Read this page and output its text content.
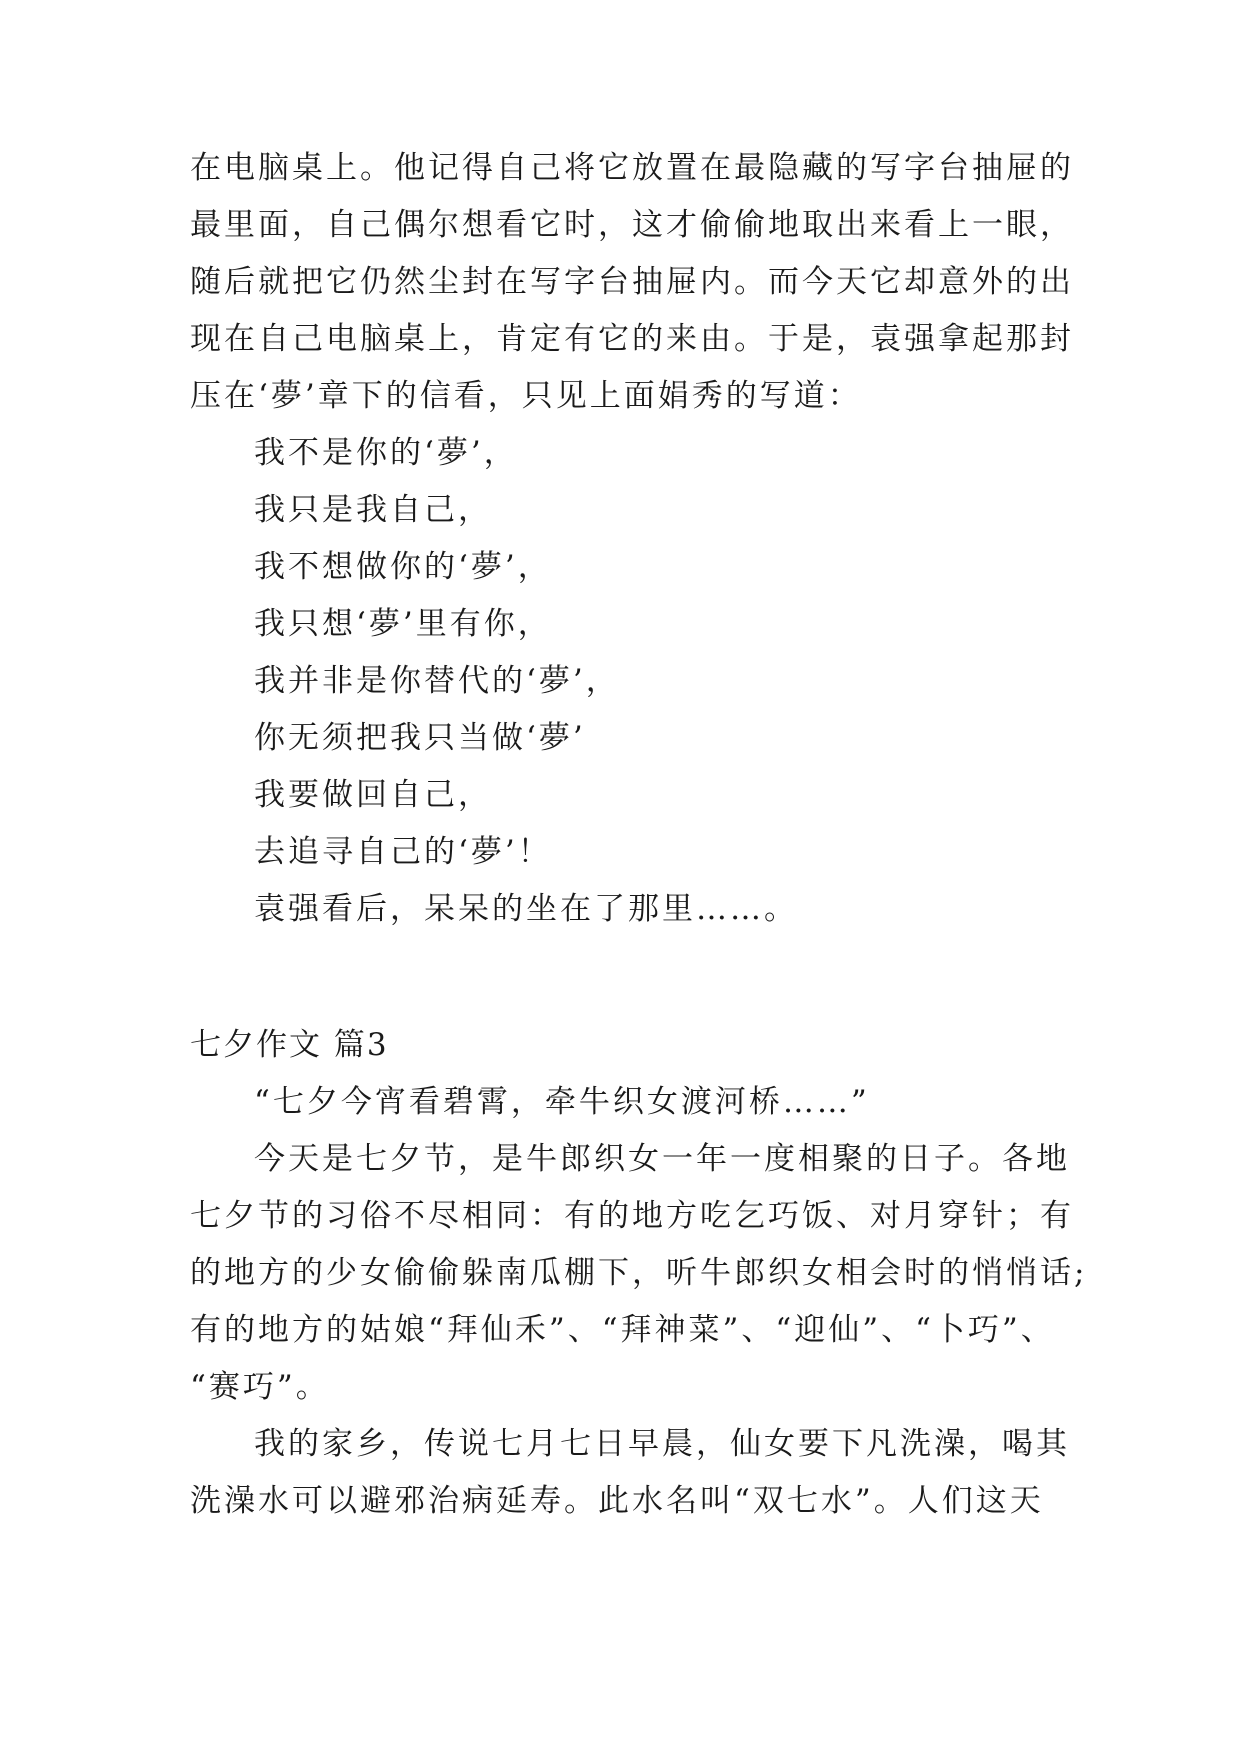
在电脑桌上。他记得自己将它放置在最隐藏的写字台抽屉的

最里面，自己偶尔想看它时，这才偷偷地取出来看上一眼，

随后就把它仍然尘封在写字台抽屉内。而今天它却意外的出

现在自己电脑桌上，肯定有它的来由。于是，袁强拿起那封

压在‘夢’章下的信看，只见上面娟秀的写道：

我不是你的‘夢’，

我只是我自己，

我不想做你的‘夢’，

我只想‘夢’里有你，

我并非是你替代的‘夢’，

你无须把我只当做‘夢’

我要做回自己，

去追寻自己的‘夢’！

袁强看后，呆呆的坐在了那里……。

七夕作文 篇3

“七夕今宵看碧霄，牵牛织女渡河桥……”

今天是七夕节，是牛郎织女一年一度相聚的日子。各地

七夕节的习俗不尽相同：有的地方吃乞巧饭、对月穿针；有

的地方的少女偷偷躲南瓜棚下，听牛郎织女相会时的悄悄话;

有的地方的姑娘“拜仙禾”、“拜神菜”、“迎仙”、“卜巧”、

“赛巧”。

我的家乡，传说七月七日早晨，仙女要下凡洗澡，喝其

洗澡水可以避邪治病延寿。此水名叫“双七水”。人们这天
